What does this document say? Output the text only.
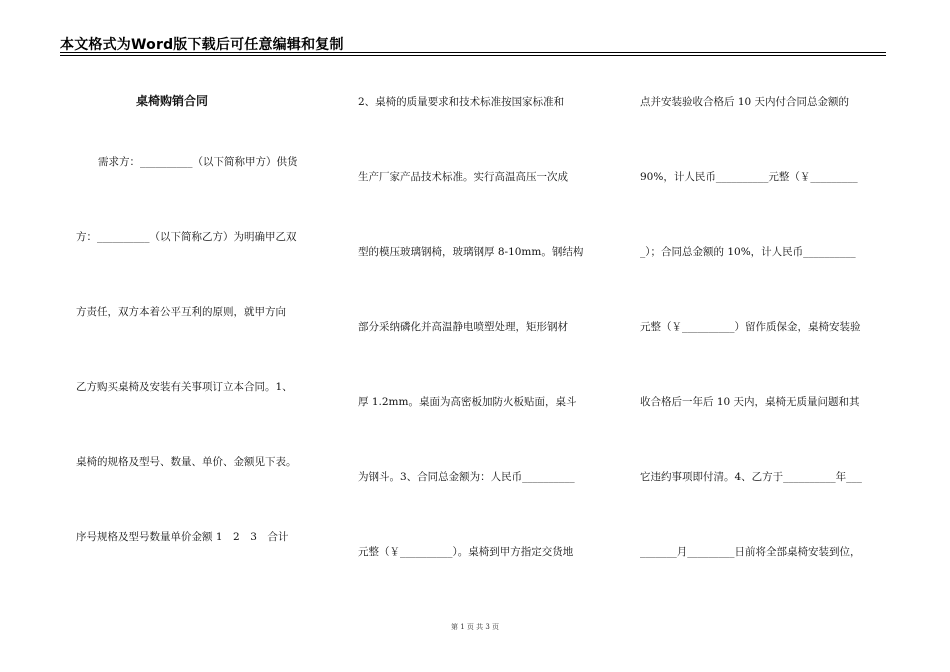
本文格式为Word版下载后可任意编辑和复制
桌椅购销合同
需求方：__________（以下简称甲方）供货
方：__________（以下简称乙方）为明确甲乙双
方责任，双方本着公平互利的原则，就甲方向
乙方购买桌椅及安装有关事项订立本合同。1、
桌椅的规格及型号、数量、单价、金额见下表。
序号规格及型号数量单价金额 1　2　3　合计
2、桌椅的质量要求和技术标准按国家标准和
生产厂家产品技术标准。实行高温高压一次成
型的模压玻璃钢椅，玻璃钢厚 8-10mm。钢结构
部分采纳磷化并高温静电喷塑处理，矩形钢材
厚 1.2mm。桌面为高密板加防火板贴面，桌斗
为钢斗。3、合同总金额为：人民币__________
元整（￥__________）。桌椅到甲方指定交货地
点并安装验收合格后 10 天内付合同总金额的
90%，计人民币__________元整（￥_________
_）；合同总金额的 10%，计人民币__________
元整（￥__________）留作质保金，桌椅安装验
收合格后一年后 10 天内，桌椅无质量问题和其
它违约事项即付清。4、乙方于__________年___
_______月_________日前将全部桌椅安装到位，
第 1 页 共 3 页
